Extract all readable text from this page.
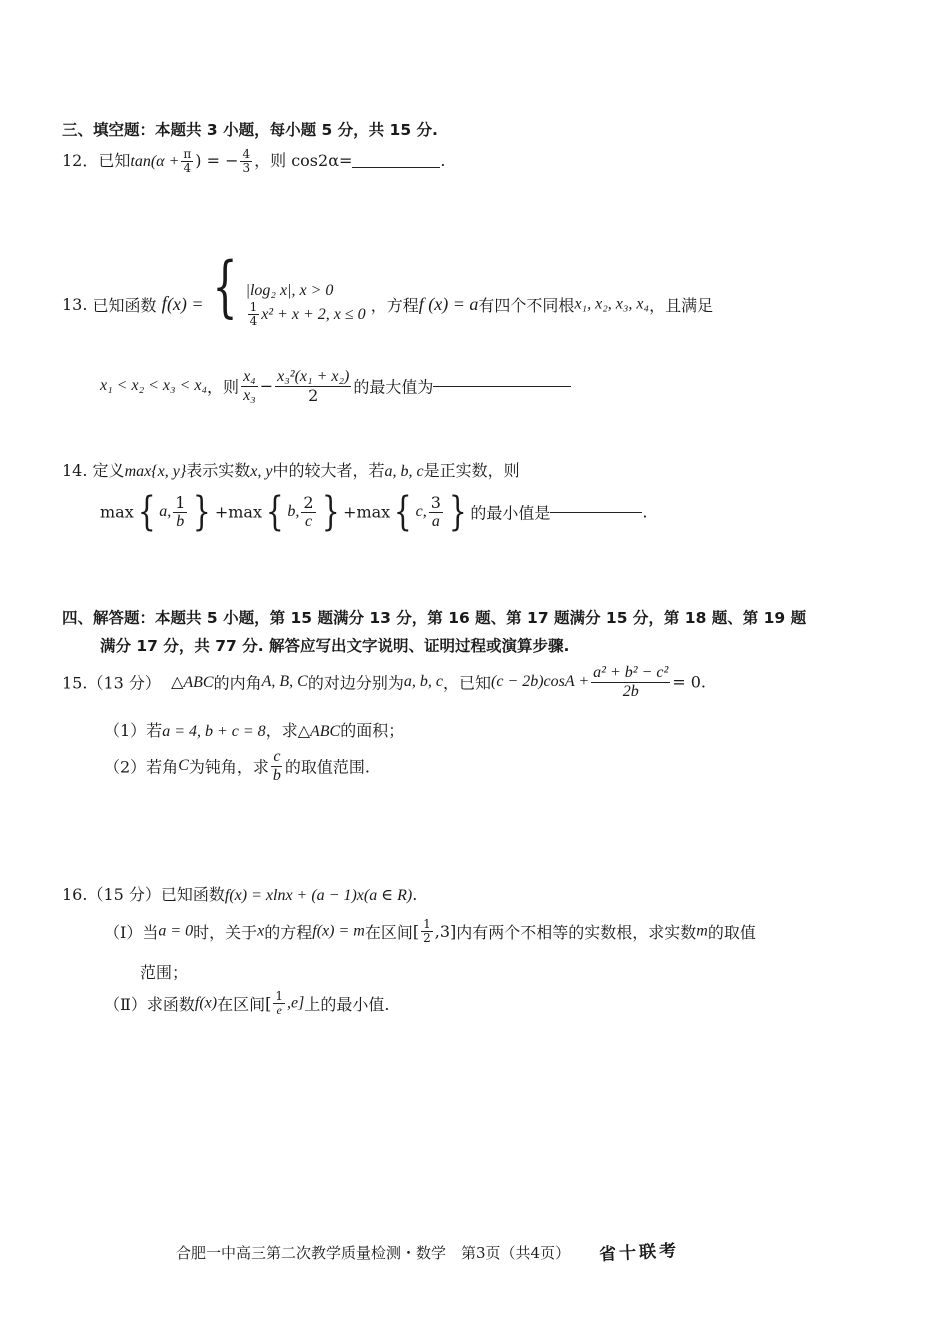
三、填空题：本题共 3 小题，每小题 5 分，共 15 分.
12．已知$\tan(\alpha + \frac{\pi}{4}$ ) = − $\frac{4}{3}$ ，则 cos2α=	.
13. 已知函数 f(x) = { |log₂ x|, x > 0
$\frac{1}{4} x^2 + x + 2$, x ≤ 0 ，方程f (x) = a有四个不同根x₁, x₂, x₃, x₄，且满足
x₁ < x₂ < x₃ < x₄，则 $\frac{\text{x₄}}{\text{x₃}} - \frac{\text{x₃²(x₁ + x₂)}}{2}$ 的最大值为
14. 定义max{x, y}表示实数x, y中的较大者，若a, b, c是正实数，则
max{ a, $\frac{1}{b}$ } +max{ b, $\frac{2}{c}$ } +max{ c, $\frac{3}{a}$ } 的最小值是	.
四、解答题：本题共 5 小题，第 15 题满分 13 分，第 16 题、第 17 题满分 15 分，第 18 题、第 19 题
满分 17 分，共 77 分. 解答应写出文字说明、证明过程或演算步骤.
15.（13 分） △ABC的内角A, B, C的对边分别为a, b, c，已知$(c - 2b)\cos A + \frac{\text{a² + b² − c²}}{2b} = 0$.
（1）若a = 4, b + c = 8，求△ABC的面积；
（2）若角C为钝角，求 $\frac{c}{b}$ 的取值范围.
16.（15 分）已知函数f(x) = xlnx + (a − 1)x(a ∈ R).
（I）当a = 0时，关于x的方程f(x) = m在区间[ $\frac{1}{2} ,3$]内有两个不相等的实数根，求实数m的取值
范围；
（Ⅱ）求函数f(x)在区间[ $\frac{1}{e} ,e$]上的最小值.
合肥一中高三第二次教学质量检测・数学　第3页（共4页） 省十联考
